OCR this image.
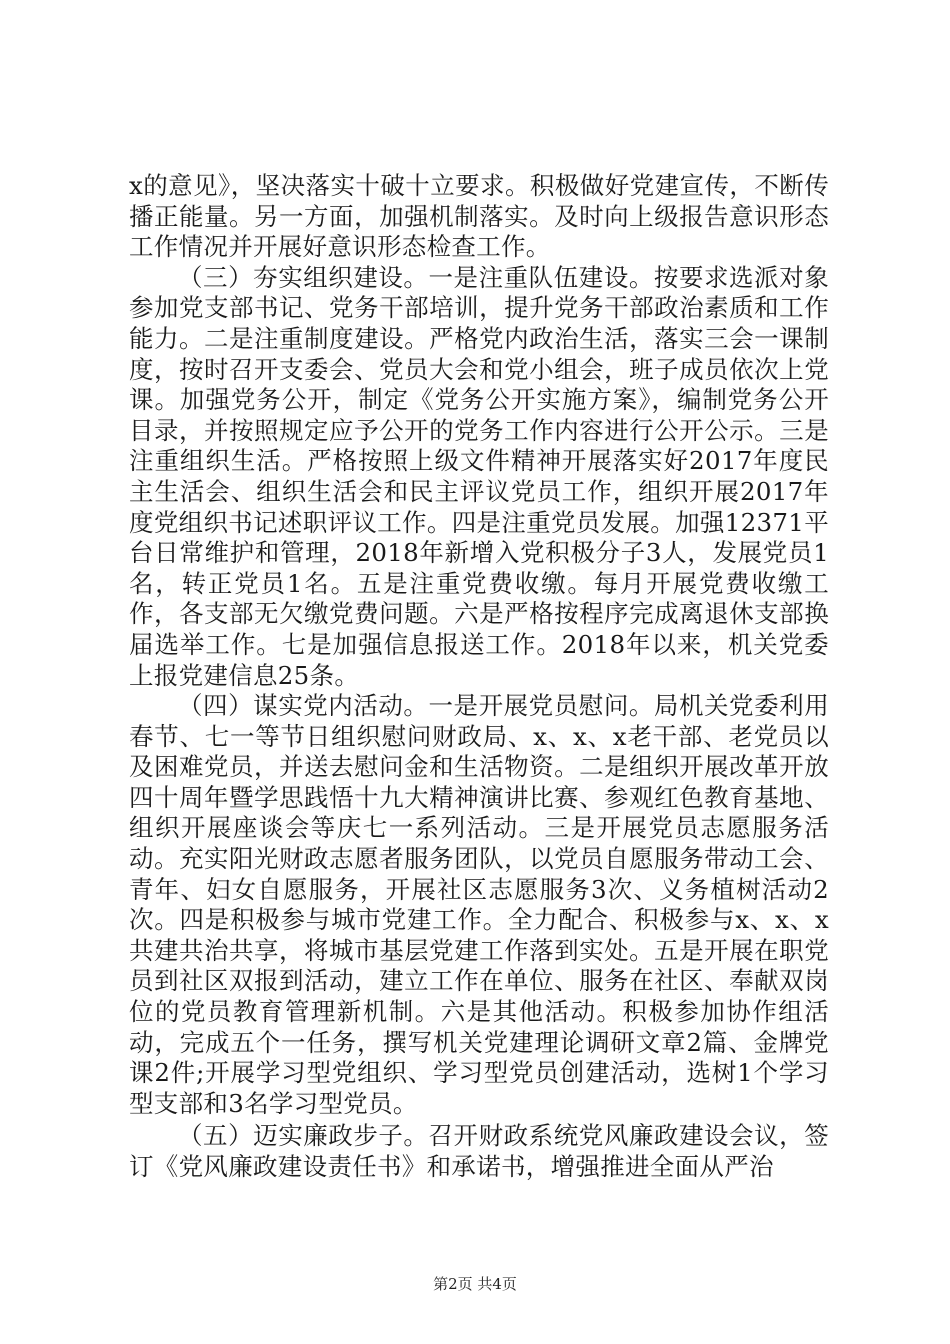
x的意见》，坚决落实十破十立要求。积极做好党建宣传，不断传播正能量。另一方面，加强机制落实。及时向上级报告意识形态工作情况并开展好意识形态检查工作。

（三）夯实组织建设。一是注重队伍建设。按要求选派对象参加党支部书记、党务干部培训，提升党务干部政治素质和工作能力。二是注重制度建设。严格党内政治生活，落实三会一课制度，按时召开支委会、党员大会和党小组会，班子成员依次上党课。加强党务公开，制定《党务公开实施方案》，编制党务公开目录，并按照规定应予公开的党务工作内容进行公开公示。三是注重组织生活。严格按照上级文件精神开展落实好2017年度民主生活会、组织生活会和民主评议党员工作，组织开展2017年度党组织书记述职评议工作。四是注重党员发展。加强12371平台日常维护和管理，2018年新增入党积极分子3人，发展党员1名，转正党员1名。五是注重党费收缴。每月开展党费收缴工作，各支部无欠缴党费问题。六是严格按程序完成离退休支部换届选举工作。七是加强信息报送工作。2018年以来，机关党委上报党建信息25条。

（四）谋实党内活动。一是开展党员慰问。局机关党委利用春节、七一等节日组织慰问财政局、x、x、x老干部、老党员以及困难党员，并送去慰问金和生活物资。二是组织开展改革开放四十周年暨学思践悟十九大精神演讲比赛、参观红色教育基地、组织开展座谈会等庆七一系列活动。三是开展党员志愿服务活动。充实阳光财政志愿者服务团队，以党员自愿服务带动工会、青年、妇女自愿服务，开展社区志愿服务3次、义务植树活动2次。四是积极参与城市党建工作。全力配合、积极参与x、x、x共建共治共享，将城市基层党建工作落到实处。五是开展在职党员到社区双报到活动，建立工作在单位、服务在社区、奉献双岗位的党员教育管理新机制。六是其他活动。积极参加协作组活动，完成五个一任务，撰写机关党建理论调研文章2篇、金牌党课2件;开展学习型党组织、学习型党员创建活动，选树1个学习型支部和3名学习型党员。

（五）迈实廉政步子。召开财政系统党风廉政建设会议，签订《党风廉政建设责任书》和承诺书，增强推进全面从严治

第2页 共4页
